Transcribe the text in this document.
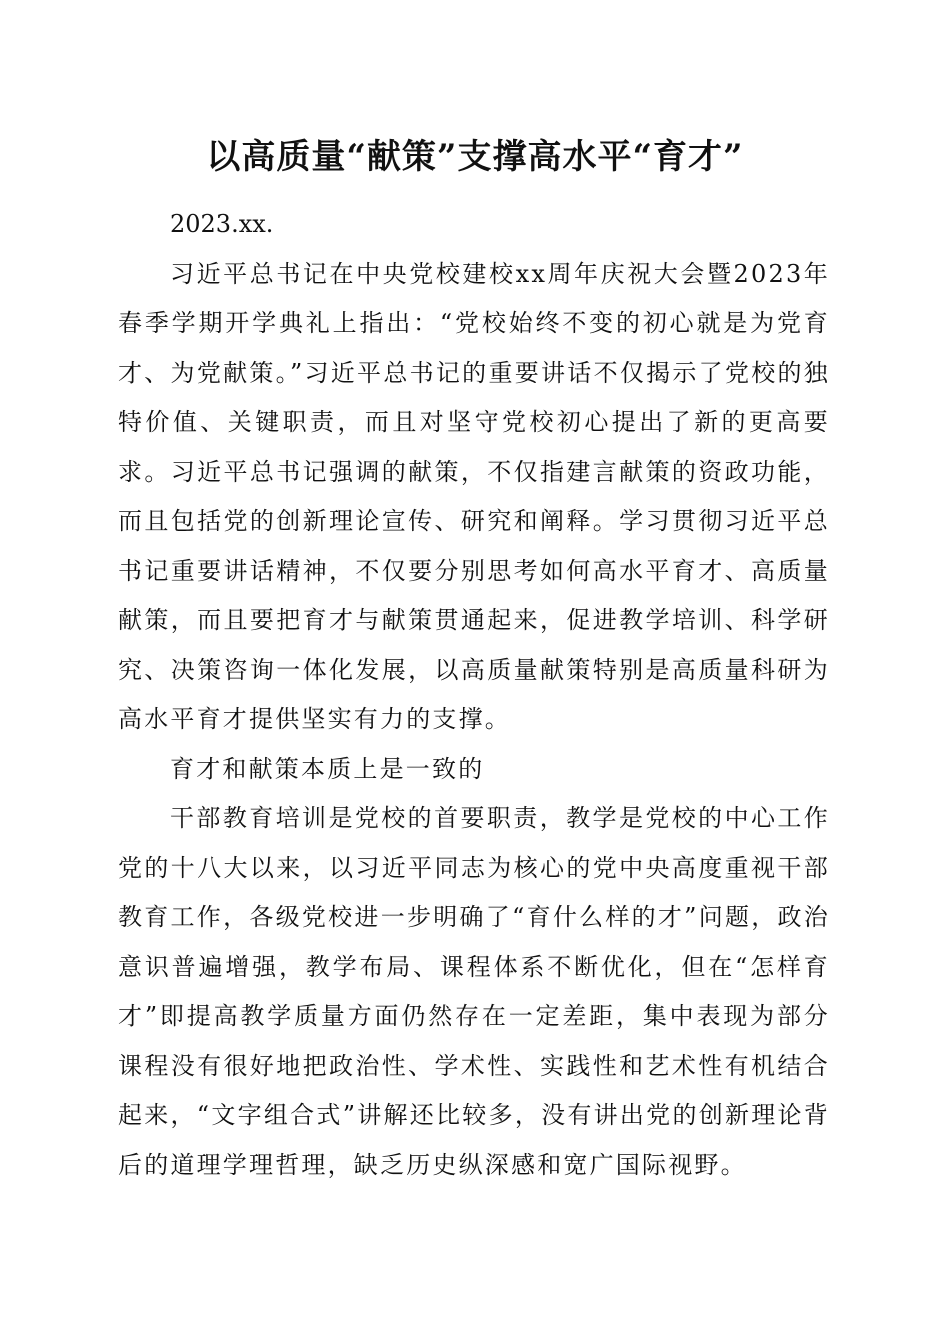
以高质量“献策”支撑高水平“育才”

2023.xx.

习近平总书记在中央党校建校xx周年庆祝大会暨2023年春季学期开学典礼上指出：“党校始终不变的初心就是为党育才、为党献策。”习近平总书记的重要讲话不仅揭示了党校的独特价值、关键职责，而且对坚守党校初心提出了新的更高要求。习近平总书记强调的献策，不仅指建言献策的资政功能，而且包括党的创新理论宣传、研究和阐释。学习贯彻习近平总书记重要讲话精神，不仅要分别思考如何高水平育才、高质量献策，而且要把育才与献策贯通起来，促进教学培训、科学研究、决策咨询一体化发展，以高质量献策特别是高质量科研为高水平育才提供坚实有力的支撑。

育才和献策本质上是一致的

干部教育培训是党校的首要职责，教学是党校的中心工作党的十八大以来，以习近平同志为核心的党中央高度重视干部教育工作，各级党校进一步明确了“育什么样的才”问题，政治意识普遍增强，教学布局、课程体系不断优化，但在“怎样育才”即提高教学质量方面仍然存在一定差距，集中表现为部分课程没有很好地把政治性、学术性、实践性和艺术性有机结合起来，“文字组合式”讲解还比较多，没有讲出党的创新理论背后的道理学理哲理，缺乏历史纵深感和宽广国际视野。
